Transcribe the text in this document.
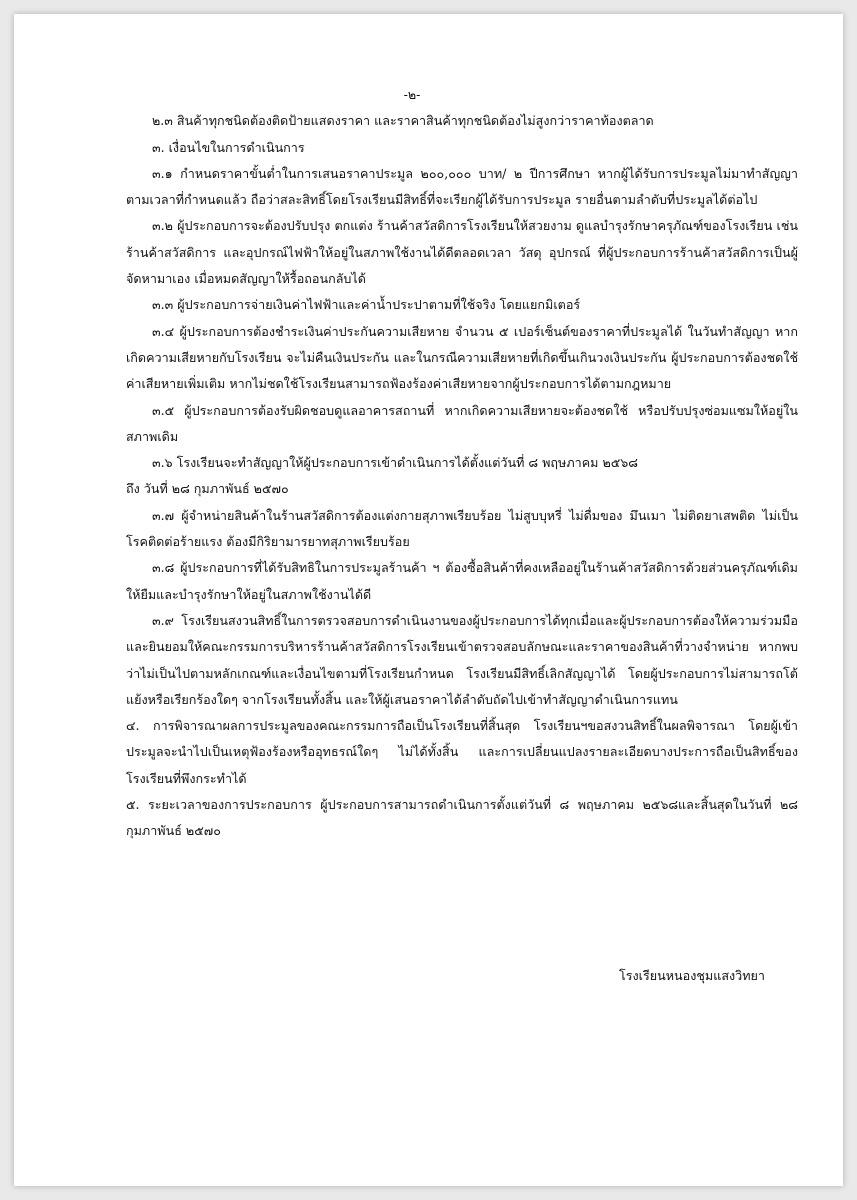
-๒-

๒.๓ สินค้าทุกชนิดต้องติดป้ายแสดงราคา และราคาสินค้าทุกชนิดต้องไม่สูงกว่าราคาท้องตลาด

๓. เงื่อนไขในการดำเนินการ

๓.๑ กำหนดราคาขั้นต่ำในการเสนอราคาประมูล ๒๐๐,๐๐๐ บาท/ ๒ ปีการศึกษา หากผู้ได้รับการประมูลไม่มาทำสัญญาตามเวลาที่กำหนดแล้ว ถือว่าสละสิทธิ์โดยโรงเรียนมีสิทธิ์ที่จะเรียกผู้ได้รับการประมูล รายอื่นตามลำดับที่ประมูลได้ต่อไป

๓.๒ ผู้ประกอบการจะต้องปรับปรุง ตกแต่ง ร้านค้าสวัสดิการโรงเรียนให้สวยงาม ดูแลบำรุงรักษาครุภัณฑ์ของโรงเรียน เช่น ร้านค้าสวัสดิการ และอุปกรณ์ไฟฟ้าให้อยู่ในสภาพใช้งานได้ดีตลอดเวลา วัสดุ อุปกรณ์ ที่ผู้ประกอบการร้านค้าสวัสดิการเป็นผู้จัดหามาเอง เมื่อหมดสัญญาให้รื้อถอนกลับได้

๓.๓ ผู้ประกอบการจ่ายเงินค่าไฟฟ้าและค่าน้ำประปาตามที่ใช้จริง โดยแยกมิเตอร์

๓.๔ ผู้ประกอบการต้องชำระเงินค่าประกันความเสียหาย จำนวน ๕ เปอร์เซ็นต์ของราคาที่ประมูลได้ ในวันทำสัญญา หากเกิดความเสียหายกับโรงเรียน จะไม่คืนเงินประกัน และในกรณีความเสียหายที่เกิดขึ้นเกินวงเงินประกัน ผู้ประกอบการต้องชดใช้ค่าเสียหายเพิ่มเติม หากไม่ชดใช้โรงเรียนสามารถฟ้องร้องค่าเสียหายจากผู้ประกอบการได้ตามกฎหมาย

๓.๕ ผู้ประกอบการต้องรับผิดชอบดูแลอาคารสถานที่ หากเกิดความเสียหายจะต้องชดใช้ หรือปรับปรุงซ่อมแซมให้อยู่ในสภาพเดิม

๓.๖ โรงเรียนจะทำสัญญาให้ผู้ประกอบการเข้าดำเนินการได้ตั้งแต่วันที่ ๘ พฤษภาคม ๒๕๖๘

ถึง วันที่ ๒๘ กุมภาพันธ์ ๒๕๗๐

๓.๗ ผู้จำหน่ายสินค้าในร้านสวัสดิการต้องแต่งกายสุภาพเรียบร้อย ไม่สูบบุหรี่ ไม่ดื่มของ มึนเมา ไม่ติดยาเสพติด ไม่เป็นโรคติดต่อร้ายแรง ต้องมีกิริยามารยาทสุภาพเรียบร้อย

๓.๘ ผู้ประกอบการที่ได้รับสิทธิในการประมูลร้านค้า ฯ ต้องซื้อสินค้าที่คงเหลืออยู่ในร้านค้าสวัสดิการด้วยส่วนครุภัณฑ์เดิมให้ยืมและบำรุงรักษาให้อยู่ในสภาพใช้งานได้ดี

๓.๙ โรงเรียนสงวนสิทธิ์ในการตรวจสอบการดำเนินงานของผู้ประกอบการได้ทุกเมื่อและผู้ประกอบการต้องให้ความร่วมมือ และยินยอมให้คณะกรรมการบริหารร้านค้าสวัสดิการโรงเรียนเข้าตรวจสอบลักษณะและราคาของสินค้าที่วางจำหน่าย หากพบว่าไม่เป็นไปตามหลักเกณฑ์และเงื่อนไขตามที่โรงเรียนกำหนด โรงเรียนมีสิทธิ์เลิกสัญญาได้ โดยผู้ประกอบการไม่สามารถโต้แย้งหรือเรียกร้องใดๆ จากโรงเรียนทั้งสิ้น และให้ผู้เสนอราคาได้ลำดับถัดไปเข้าทำสัญญาดำเนินการแทน

๔. การพิจารณาผลการประมูลของคณะกรรมการถือเป็นโรงเรียนที่สิ้นสุด โรงเรียนฯขอสงวนสิทธิ์ในผลพิจารณา โดยผู้เข้าประมูลจะนำไปเป็นเหตุฟ้องร้องหรืออุทธรณ์ใดๆ ไม่ได้ทั้งสิ้น และการเปลี่ยนแปลงรายละเอียดบางประการถือเป็นสิทธิ์ของโรงเรียนที่พึงกระทำได้

๕. ระยะเวลาของการประกอบการ ผู้ประกอบการสามารถดำเนินการตั้งแต่วันที่ ๘ พฤษภาคม ๒๕๖๘และสิ้นสุดในวันที่ ๒๘ กุมภาพันธ์ ๒๕๗๐

โรงเรียนหนองชุมแสงวิทยา
